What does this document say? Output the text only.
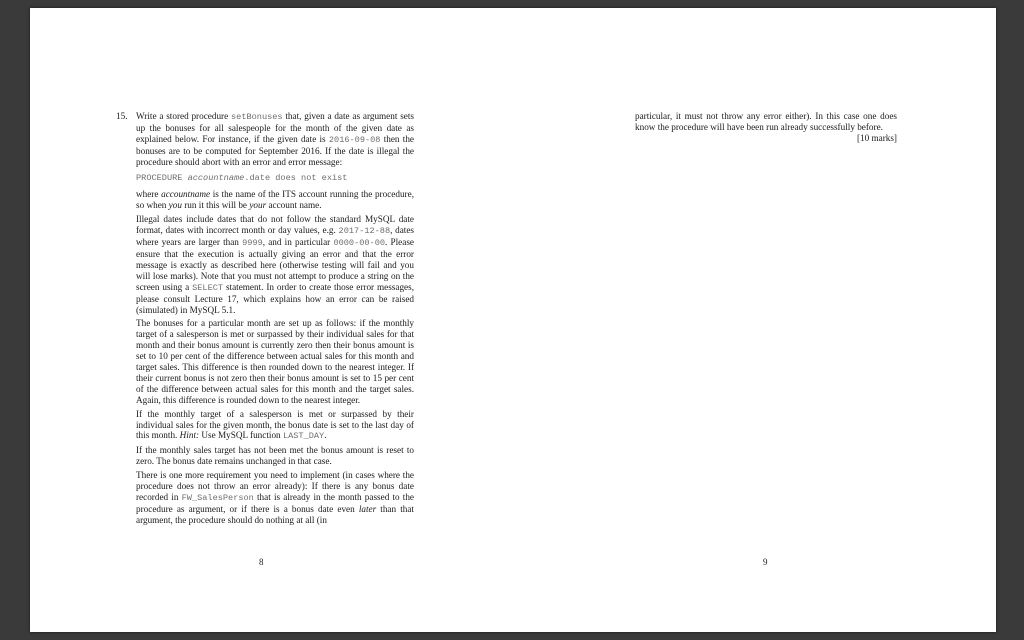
15. Write a stored procedure setBonuses that, given a date as argument sets up the bonuses for all salespeople for the month of the given date as explained below. For instance, if the given date is 2016-09-08 then the bonuses are to be computed for September 2016. If the date is illegal the procedure should abort with an error and error message:

PROCEDURE accountname.date does not exist

where accountname is the name of the ITS account running the procedure, so when you run it this will be your account name.

Illegal dates include dates that do not follow the standard MySQL date format, dates with incorrect month or day values, e.g. 2017-12-88, dates where years are larger than 9999, and in particular 0000-00-00. Please ensure that the execution is actually giving an error and that the error message is exactly as described here (otherwise testing will fail and you will lose marks). Note that you must not attempt to produce a string on the screen using a SELECT statement. In order to create those error messages, please consult Lecture 17, which explains how an error can be raised (simulated) in MySQL 5.1.

The bonuses for a particular month are set up as follows: if the monthly target of a salesperson is met or surpassed by their individual sales for that month and their bonus amount is currently zero then their bonus amount is set to 10 per cent of the difference between actual sales for this month and target sales. This difference is then rounded down to the nearest integer. If their current bonus is not zero then their bonus amount is set to 15 per cent of the difference between actual sales for this month and the target sales. Again, this difference is rounded down to the nearest integer.

If the monthly target of a salesperson is met or surpassed by their individual sales for the given month, the bonus date is set to the last day of this month. Hint: Use MySQL function LAST_DAY.

If the monthly sales target has not been met the bonus amount is reset to zero. The bonus date remains unchanged in that case.

There is one more requirement you need to implement (in cases where the procedure does not throw an error already): If there is any bonus date recorded in FW_SalesPerson that is already in the month passed to the procedure as argument, or if there is a bonus date even later than that argument, the procedure should do nothing at all (in

8

particular, it must not throw any error either). In this case one does know the procedure will have been run already successfully before.

[10 marks]
9
